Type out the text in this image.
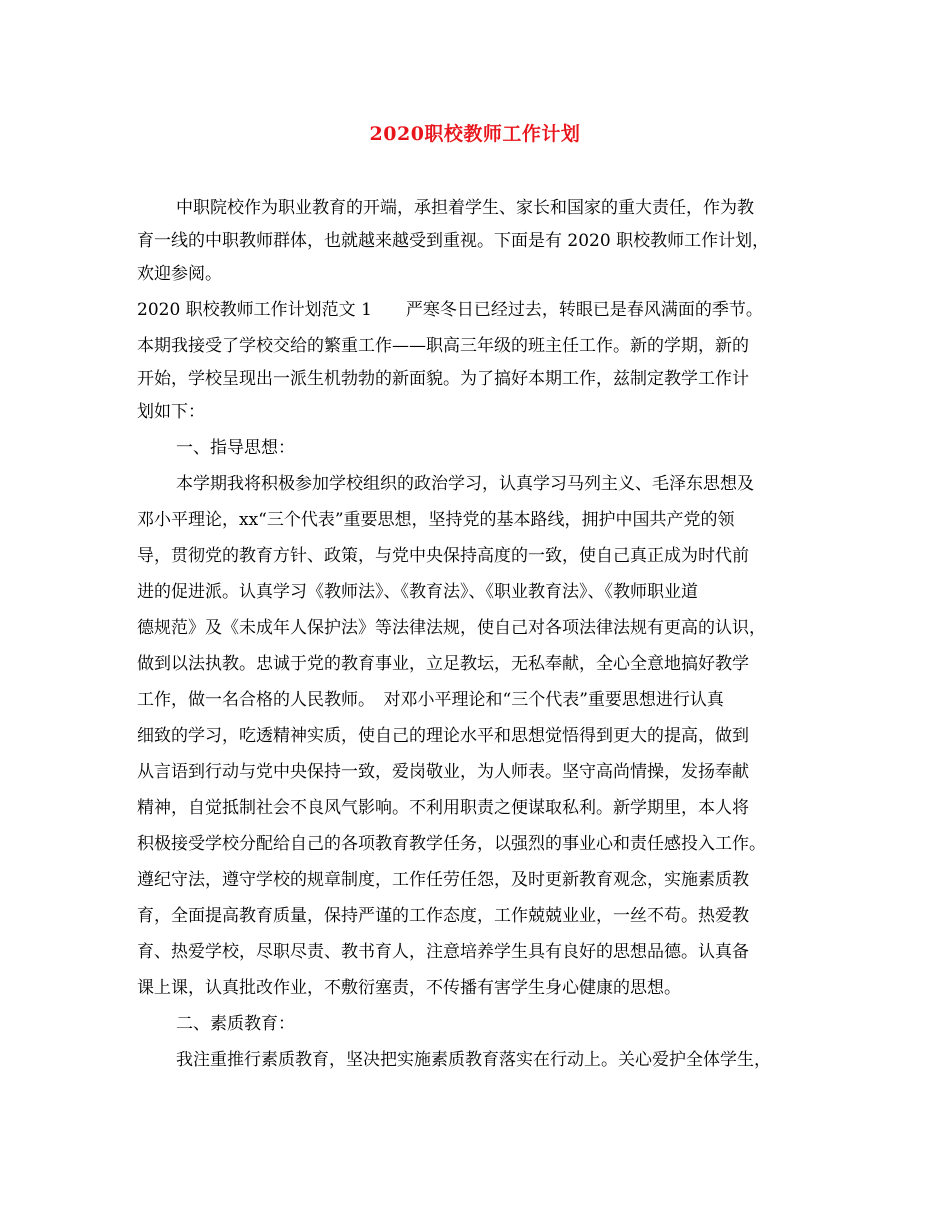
2020职校教师工作计划

中职院校作为职业教育的开端，承担着学生、家长和国家的重大责任，作为教

育一线的中职教师群体，也就越来越受到重视。下面是有 2020 职校教师工作计划，

欢迎参阅。

2020 职校教师工作计划范文 1　　严寒冬日已经过去，转眼已是春风满面的季节。

本期我接受了学校交给的繁重工作——职高三年级的班主任工作。新的学期，新的

开始，学校呈现出一派生机勃勃的新面貌。为了搞好本期工作，兹制定教学工作计

划如下：

一、指导思想：

本学期我将积极参加学校组织的政治学习，认真学习马列主义、毛泽东思想及

邓小平理论，xx“三个代表”重要思想，坚持党的基本路线，拥护中国共产党的领

导，贯彻党的教育方针、政策，与党中央保持高度的一致，使自己真正成为时代前

进的促进派。认真学习《教师法》、《教育法》、《职业教育法》、《教师职业道

德规范》及《未成年人保护法》等法律法规，使自己对各项法律法规有更高的认识，

做到以法执教。忠诚于党的教育事业，立足教坛，无私奉献，全心全意地搞好教学

工作，做一名合格的人民教师。　对邓小平理论和“三个代表”重要思想进行认真

细致的学习，吃透精神实质，使自己的理论水平和思想觉悟得到更大的提高，做到

从言语到行动与党中央保持一致，爱岗敬业，为人师表。坚守高尚情操，发扬奉献

精神，自觉抵制社会不良风气影响。不利用职责之便谋取私利。新学期里，本人将

积极接受学校分配给自己的各项教育教学任务，以强烈的事业心和责任感投入工作。

遵纪守法，遵守学校的规章制度，工作任劳任怨，及时更新教育观念，实施素质教

育，全面提高教育质量，保持严谨的工作态度，工作兢兢业业，一丝不苟。热爱教

育、热爱学校，尽职尽责、教书育人，注意培养学生具有良好的思想品德。认真备

课上课，认真批改作业，不敷衍塞责，不传播有害学生身心健康的思想。

二、素质教育：

我注重推行素质教育，坚决把实施素质教育落实在行动上。关心爱护全体学生，
